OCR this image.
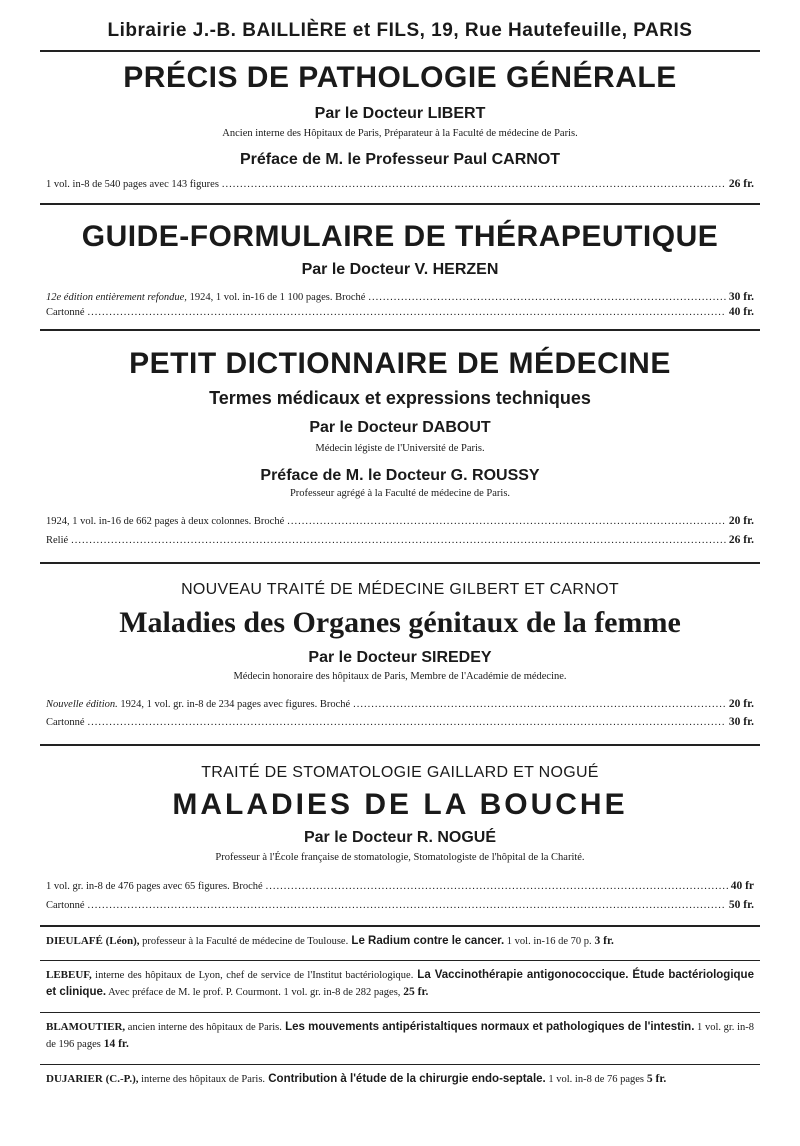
Librairie J.-B. BAILLIÈRE et FILS, 19, Rue Hautefeuille, PARIS
PRÉCIS DE PATHOLOGIE GÉNÉRALE
Par le Docteur LIBERT
Ancien interne des Hôpitaux de Paris, Préparateur à la Faculté de médecine de Paris.
Préface de M. le Professeur Paul CARNOT
1 vol. in-8 de 540 pages avec 143 figures .....	26 fr.
GUIDE-FORMULAIRE DE THÉRAPEUTIQUE
Par le Docteur V. HERZEN
12e édition entièrement refondue, 1924, 1 vol. in-16 de 1 100 pages. Broché .....	30 fr.
Cartonné .....	40 fr.
PETIT DICTIONNAIRE DE MÉDECINE
Termes médicaux et expressions techniques
Par le Docteur DABOUT
Médecin légiste de l'Université de Paris.
Préface de M. le Docteur G. ROUSSY
Professeur agrégé à la Faculté de médecine de Paris.
1924, 1 vol. in-16 de 662 pages à deux colonnes. Broché .....	20 fr.
Relié .....	26 fr.
NOUVEAU TRAITÉ DE MÉDECINE GILBERT ET CARNOT
Maladies des Organes génitaux de la femme
Par le Docteur SIREDEY
Médecin honoraire des hôpitaux de Paris, Membre de l'Académie de médecine.
Nouvelle édition. 1924, 1 vol. gr. in-8 de 234 pages avec figures. Broché .....	20 fr.
Cartonné .....	30 fr.
TRAITÉ DE STOMATOLOGIE GAILLARD ET NOGUÉ
MALADIES DE LA BOUCHE
Par le Docteur R. NOGUÉ
Professeur à l'École française de stomatologie, Stomatologiste de l'hôpital de la Charité.
1 vol. gr. in-8 de 476 pages avec 65 figures. Broché .....	40 fr
Cartonné .....	50 fr.
DIEULAFÉ (Léon), professeur à la Faculté de médecine de Toulouse. Le Radium contre le cancer. 1 vol. in-16 de 70 p. 3 fr.
LEBEUF, interne des hôpitaux de Lyon, chef de service de l'Institut bactériologique. La Vaccinothérapie antigonococcique. Étude bactériologique et clinique. Avec préface de M. le prof. P. Courmont. 1 vol. gr. in-8 de 282 pages, 25 fr.
BLAMOUTIER, ancien interne des hôpitaux de Paris. Les mouvements antipéristaltiques normaux et pathologiques de l'intestin. 1 vol. gr. in-8 de 196 pages 14 fr.
DUJARIER (C.-P.), interne des hôpitaux de Paris. Contribution à l'étude de la chirurgie endo-septale. 1 vol. in-8 de 76 pages 5 fr.
